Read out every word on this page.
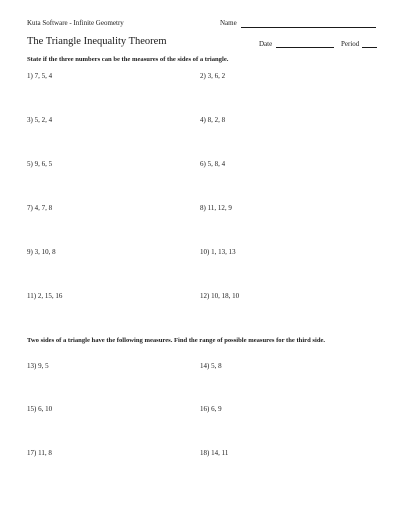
Kuta Software - Infinite Geometry	Name
The Triangle Inequality Theorem	Date	Period
State if the three numbers can be the measures of the sides of a triangle.
1) 7, 5, 4
3) 5, 2, 4
5) 9, 6, 5
7) 4, 7, 8
9) 3, 10, 8
11) 2, 15, 16
2) 3, 6, 2
4) 8, 2, 8
6) 5, 8, 4
8) 11, 12, 9
10) 1, 13, 13
12) 10, 18, 10
Two sides of a triangle have the following measures. Find the range of possible measures for the third side.
13) 9, 5	14) 5, 8
15) 6, 10	16) 6, 9
17) 11, 8	18) 14, 11
